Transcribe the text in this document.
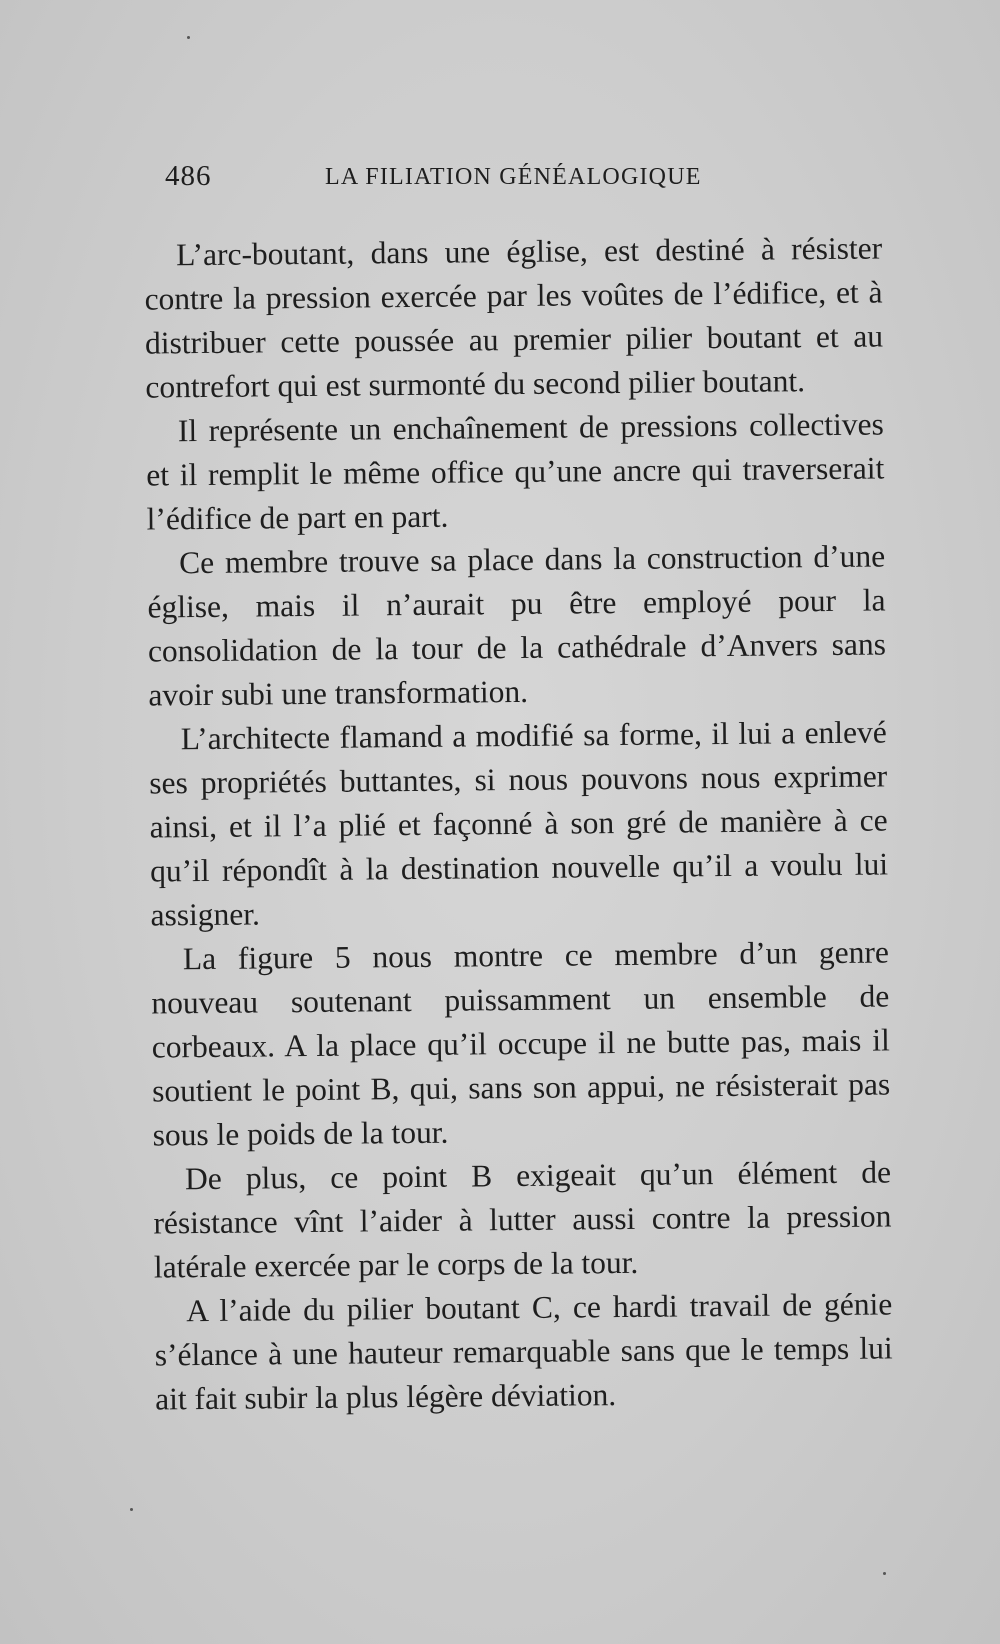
486	LA FILIATION GÉNÉALOGIQUE

L’arc-boutant, dans une église, est destiné à résister contre la pression exercée par les voûtes de l’édifice, et à distribuer cette poussée au premier pilier boutant et au contrefort qui est surmonté du second pilier boutant.

Il représente un enchaînement de pressions collectives et il remplit le même office qu’une ancre qui traverserait l’édifice de part en part.

Ce membre trouve sa place dans la construction d’une église, mais il n’aurait pu être employé pour la consolidation de la tour de la cathédrale d’Anvers sans avoir subi une transformation.

L’architecte flamand a modifié sa forme, il lui a enlevé ses propriétés buttantes, si nous pouvons nous exprimer ainsi, et il l’a plié et façonné à son gré de manière à ce qu’il répondît à la destination nouvelle qu’il a voulu lui assigner.

La figure 5 nous montre ce membre d’un genre nouveau soutenant puissamment un ensemble de corbeaux. A la place qu’il occupe il ne butte pas, mais il soutient le point B, qui, sans son appui, ne résisterait pas sous le poids de la tour.

De plus, ce point B exigeait qu’un élément de résistance vînt l’aider à lutter aussi contre la pression latérale exercée par le corps de la tour.

A l’aide du pilier boutant C, ce hardi travail de génie s’élance à une hauteur remarquable sans que le temps lui ait fait subir la plus légère déviation.
